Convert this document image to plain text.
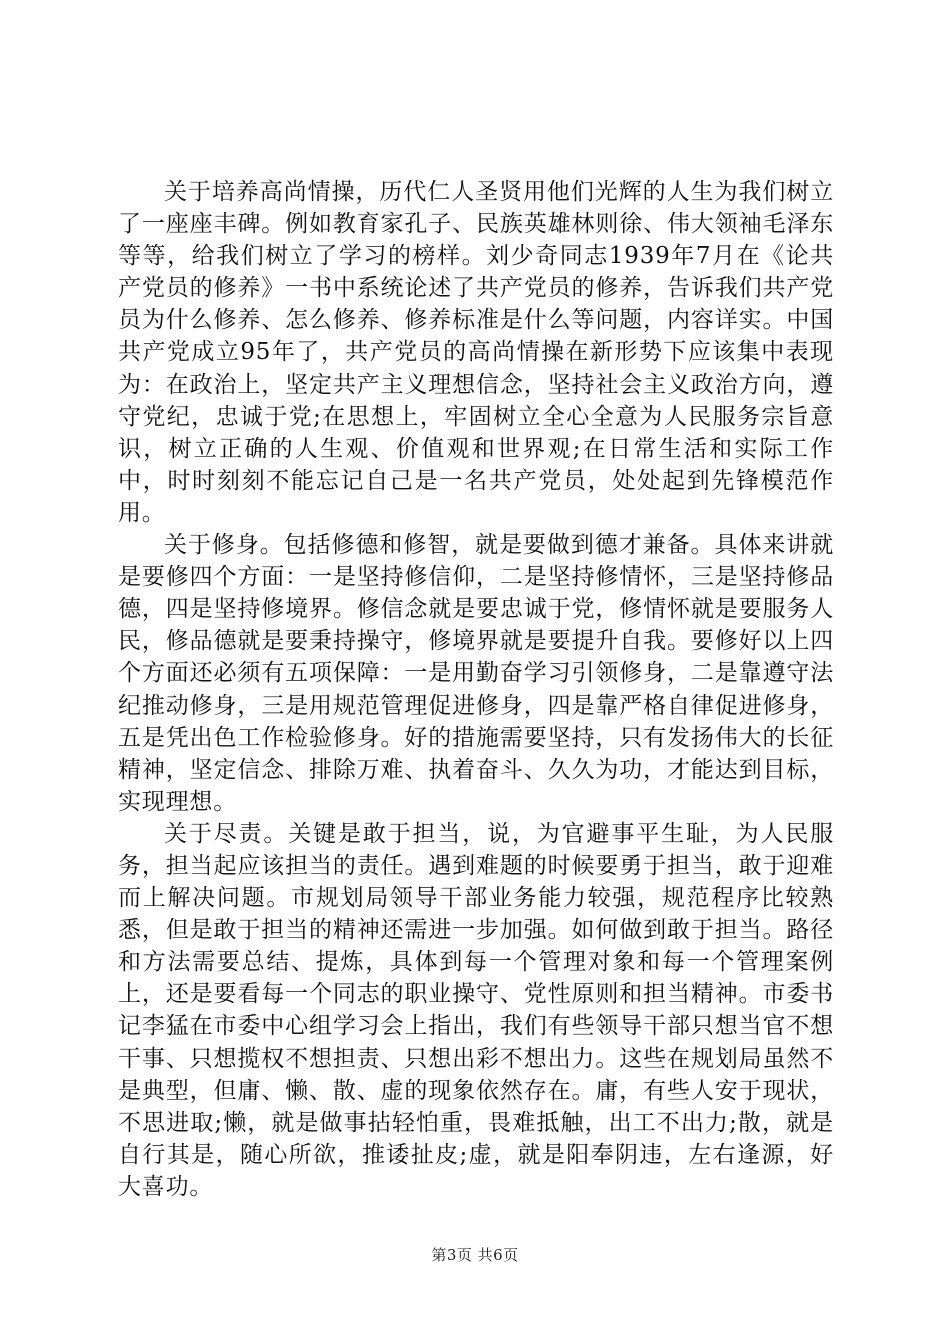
关于培养高尚情操，历代仁人圣贤用他们光辉的人生为我们树立了一座座丰碑。例如教育家孔子、民族英雄林则徐、伟大领袖毛泽东等等，给我们树立了学习的榜样。刘少奇同志1939年7月在《论共产党员的修养》一书中系统论述了共产党员的修养，告诉我们共产党员为什么修养、怎么修养、修养标准是什么等问题，内容详实。中国共产党成立95年了，共产党员的高尚情操在新形势下应该集中表现为：在政治上，坚定共产主义理想信念，坚持社会主义政治方向，遵守党纪，忠诚于党;在思想上，牢固树立全心全意为人民服务宗旨意识，树立正确的人生观、价值观和世界观;在日常生活和实际工作中，时时刻刻不能忘记自己是一名共产党员，处处起到先锋模范作用。

关于修身。包括修德和修智，就是要做到德才兼备。具体来讲就是要修四个方面：一是坚持修信仰，二是坚持修情怀，三是坚持修品德，四是坚持修境界。修信念就是要忠诚于党，修情怀就是要服务人民，修品德就是要秉持操守，修境界就是要提升自我。要修好以上四个方面还必须有五项保障：一是用勤奋学习引领修身，二是靠遵守法纪推动修身，三是用规范管理促进修身，四是靠严格自律促进修身，五是凭出色工作检验修身。好的措施需要坚持，只有发扬伟大的长征精神，坚定信念、排除万难、执着奋斗、久久为功，才能达到目标，实现理想。

关于尽责。关键是敢于担当，说，为官避事平生耻，为人民服务，担当起应该担当的责任。遇到难题的时候要勇于担当，敢于迎难而上解决问题。市规划局领导干部业务能力较强，规范程序比较熟悉，但是敢于担当的精神还需进一步加强。如何做到敢于担当。路径和方法需要总结、提炼，具体到每一个管理对象和每一个管理案例上，还是要看每一个同志的职业操守、党性原则和担当精神。市委书记李猛在市委中心组学习会上指出，我们有些领导干部只想当官不想干事、只想揽权不想担责、只想出彩不想出力。这些在规划局虽然不是典型，但庸、懒、散、虚的现象依然存在。庸，有些人安于现状，不思进取;懒，就是做事拈轻怕重，畏难抵触，出工不出力;散，就是自行其是，随心所欲，推诿扯皮;虚，就是阳奉阴违，左右逢源，好大喜功。

第3页 共6页
